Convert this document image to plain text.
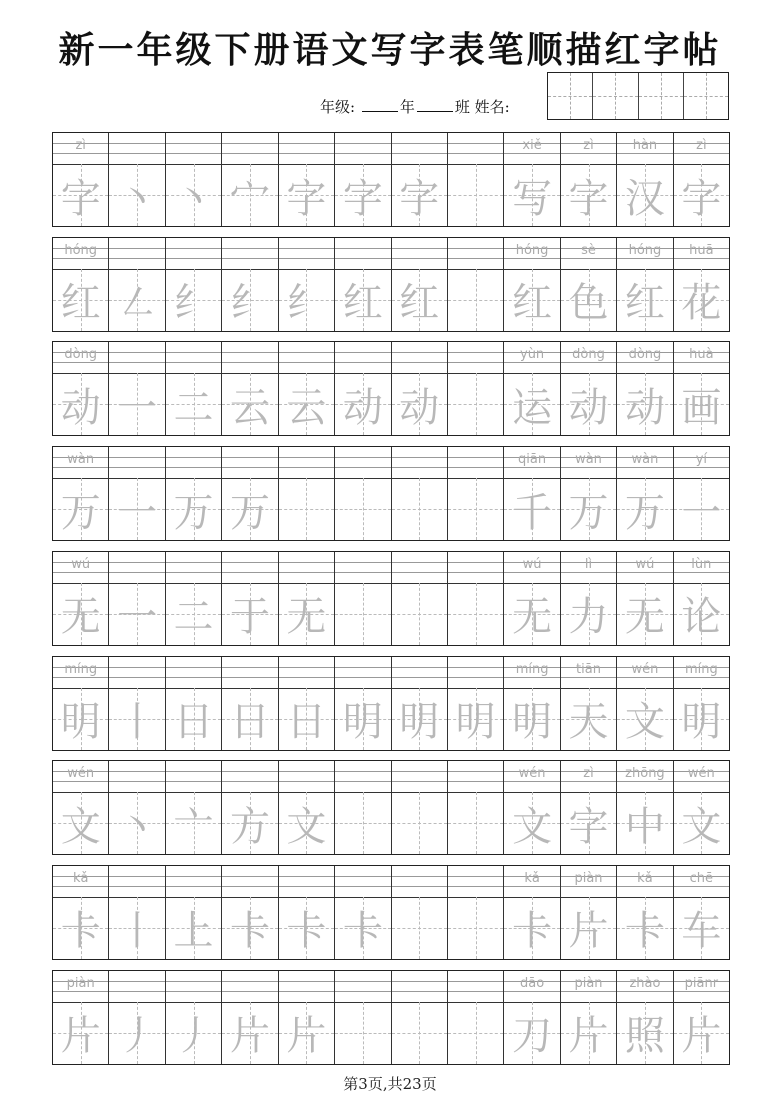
新一年级下册语文写字表笔顺描红字帖
年级:	年	班 姓名:
zì
字 丶 丶 宀 字 字 字
xiě
写
zì
字
hàn
汉
zì
字
hóng
红 ㇜ 纟 纟 纟 红 红
hóng
红
sè
色
hóng
红
huā
花
dòng
动 一 二 云 云 动 动
yùn
运
dòng
动
dòng
动
huà
画
wàn
万 一 万 万
qiān
千
wàn
万
wàn
万
yí
一
wú
无 一 二 于 无
wú
无
lì
力
wú
无
lùn
论
míng
明 丨 日 日 日 明 明 明
míng
明
tiān
天
wén
文
míng
明
wén
文 丶 亠 方 文
wén
文
zì
字
zhōng
中
wén
文
kǎ
卡 丨 上 卡 卡 卡
kǎ
卡
piàn
片
kǎ
卡
chē
车
piàn
片 丿 丿 片 片
dāo
刀
piàn
片
zhào
照
piānr
片
第3页,共23页
